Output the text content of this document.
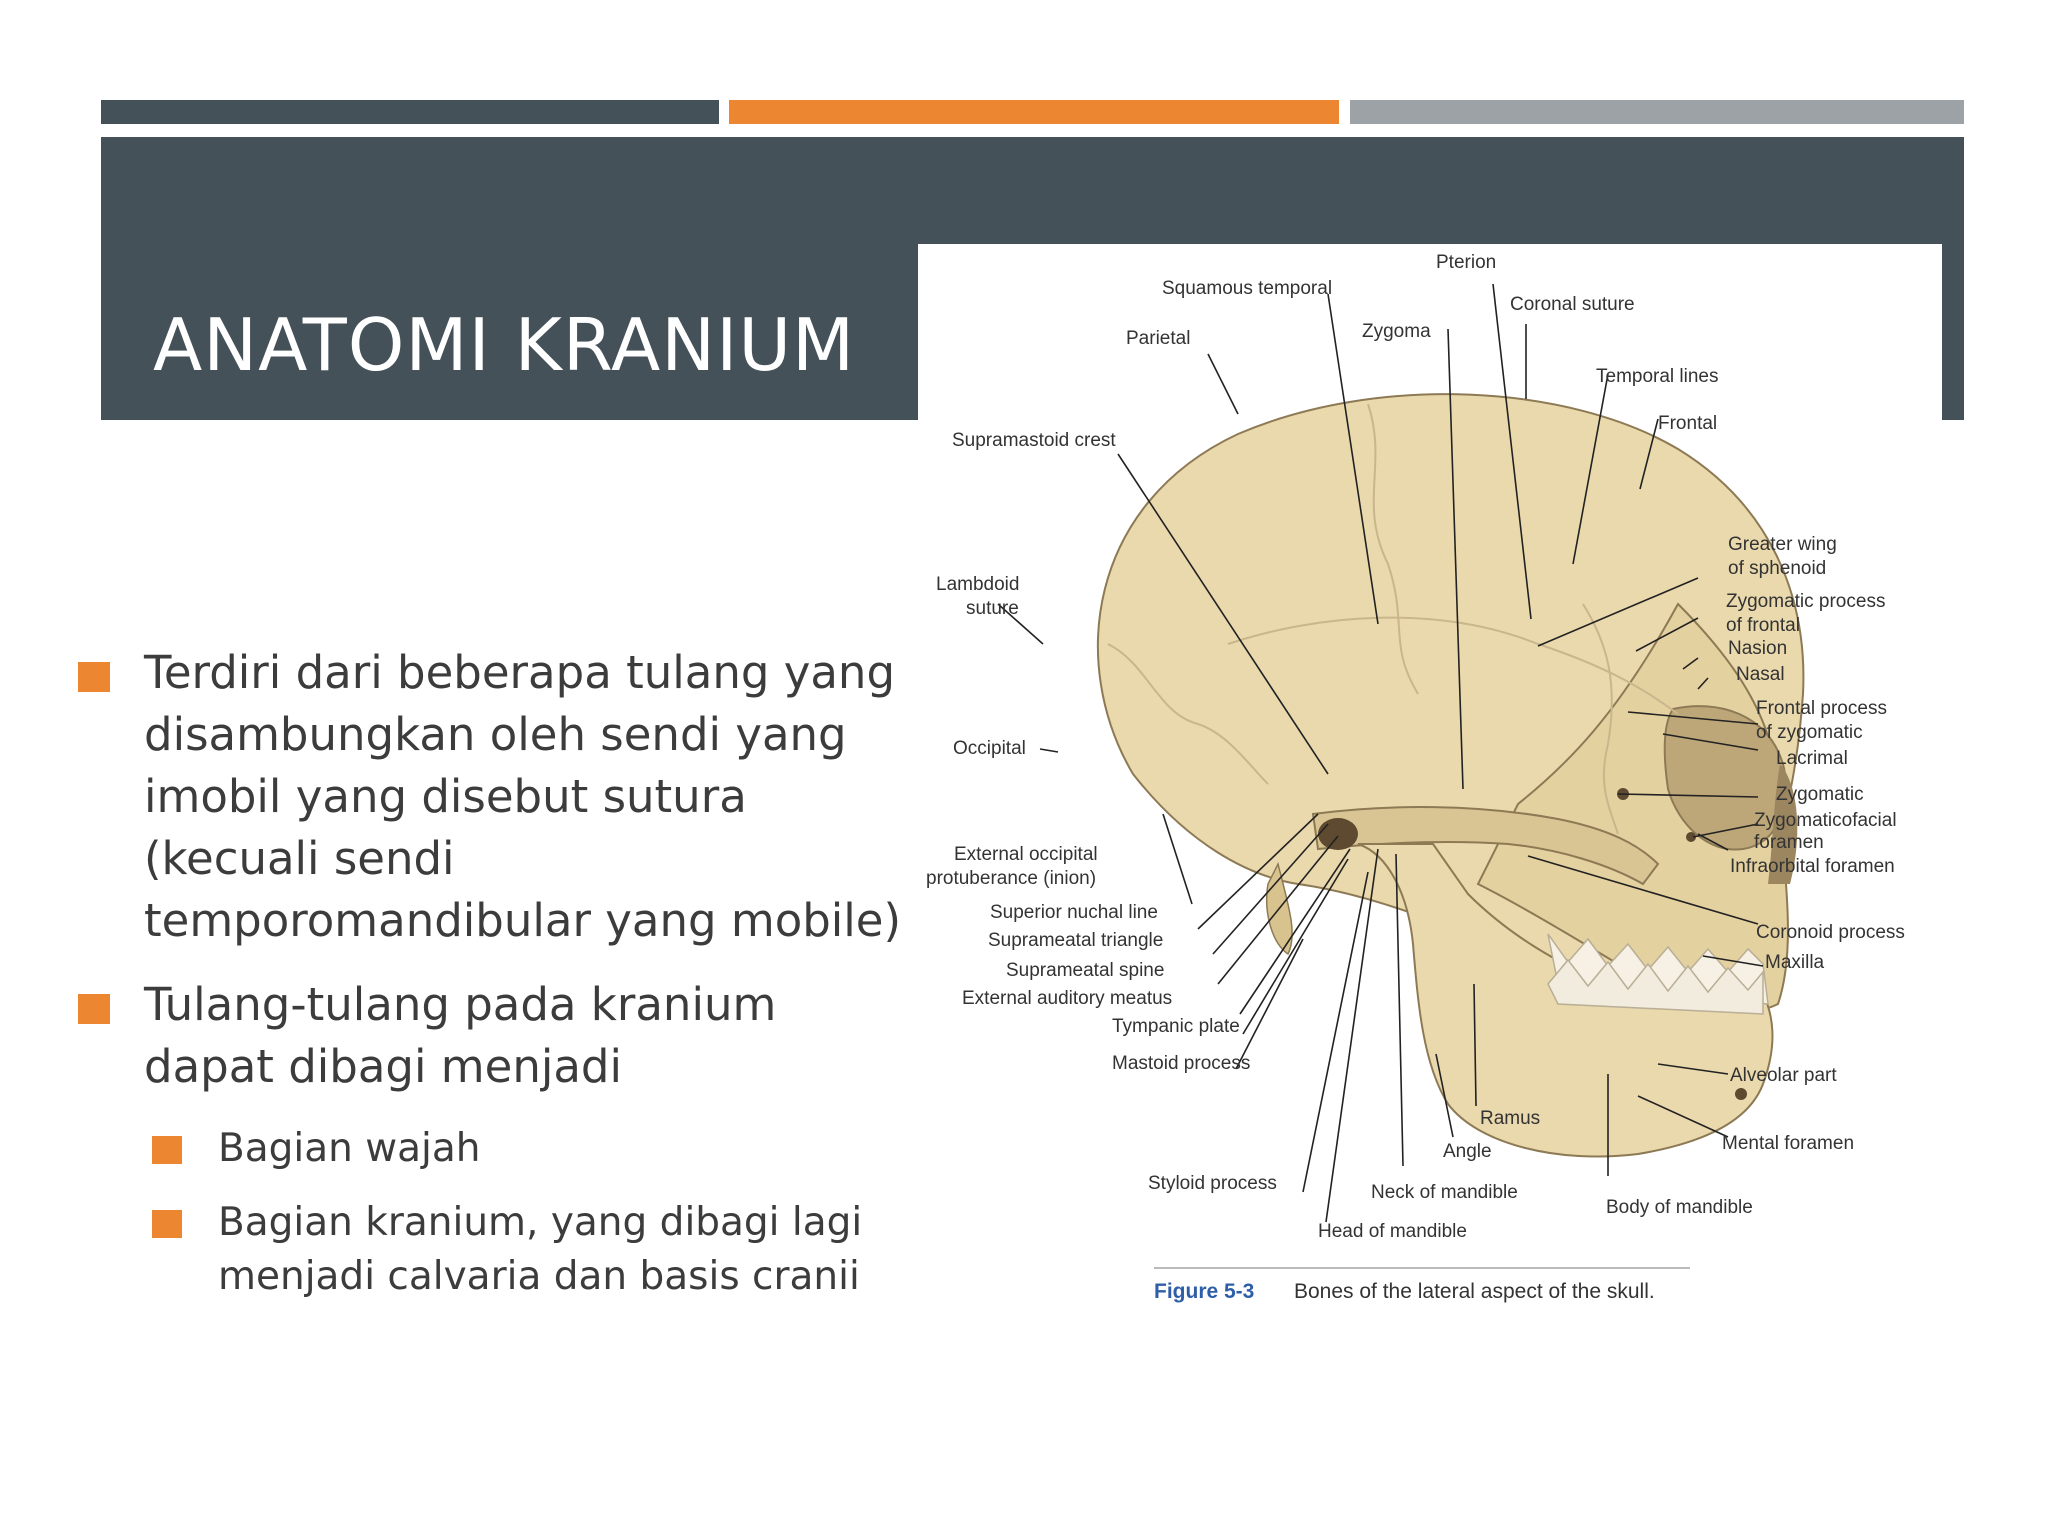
ANATOMI KRANIUM
Terdiri dari beberapa tulang yang
disambungkan oleh sendi yang
imobil yang disebut sutura
(kecuali sendi
temporomandibular yang mobile)
Tulang-tulang pada kranium
dapat dibagi menjadi
Bagian wajah
Bagian kranium, yang dibagi lagi
menjadi calvaria dan basis cranii
Pterion
Squamous temporal
Coronal suture
Parietal	Zygoma
Temporal lines
Frontal
Supramastoid crest
Greater wing
of sphenoid
Lambdoid
suture	Zygomatic process
of frontal
Nasion
Nasal
Frontal process
of zygomatic
Occipital	Lacrimal
Zygomatic
Zygomaticofacial
foramen
External occipital
protuberance (inion)
Infraorbital foramen
Superior nuchal line
Suprameatal triangle	Coronoid process
Suprameatal spine	Maxilla
External auditory meatus
Tympanic plate
Mastoid process
Alveolar part
Ramus
Mental foramen
Angle
Styloid process	Neck of mandible
Body of mandible
Head of mandible
Figure 5-3 Bones of the lateral aspect of the skull.
